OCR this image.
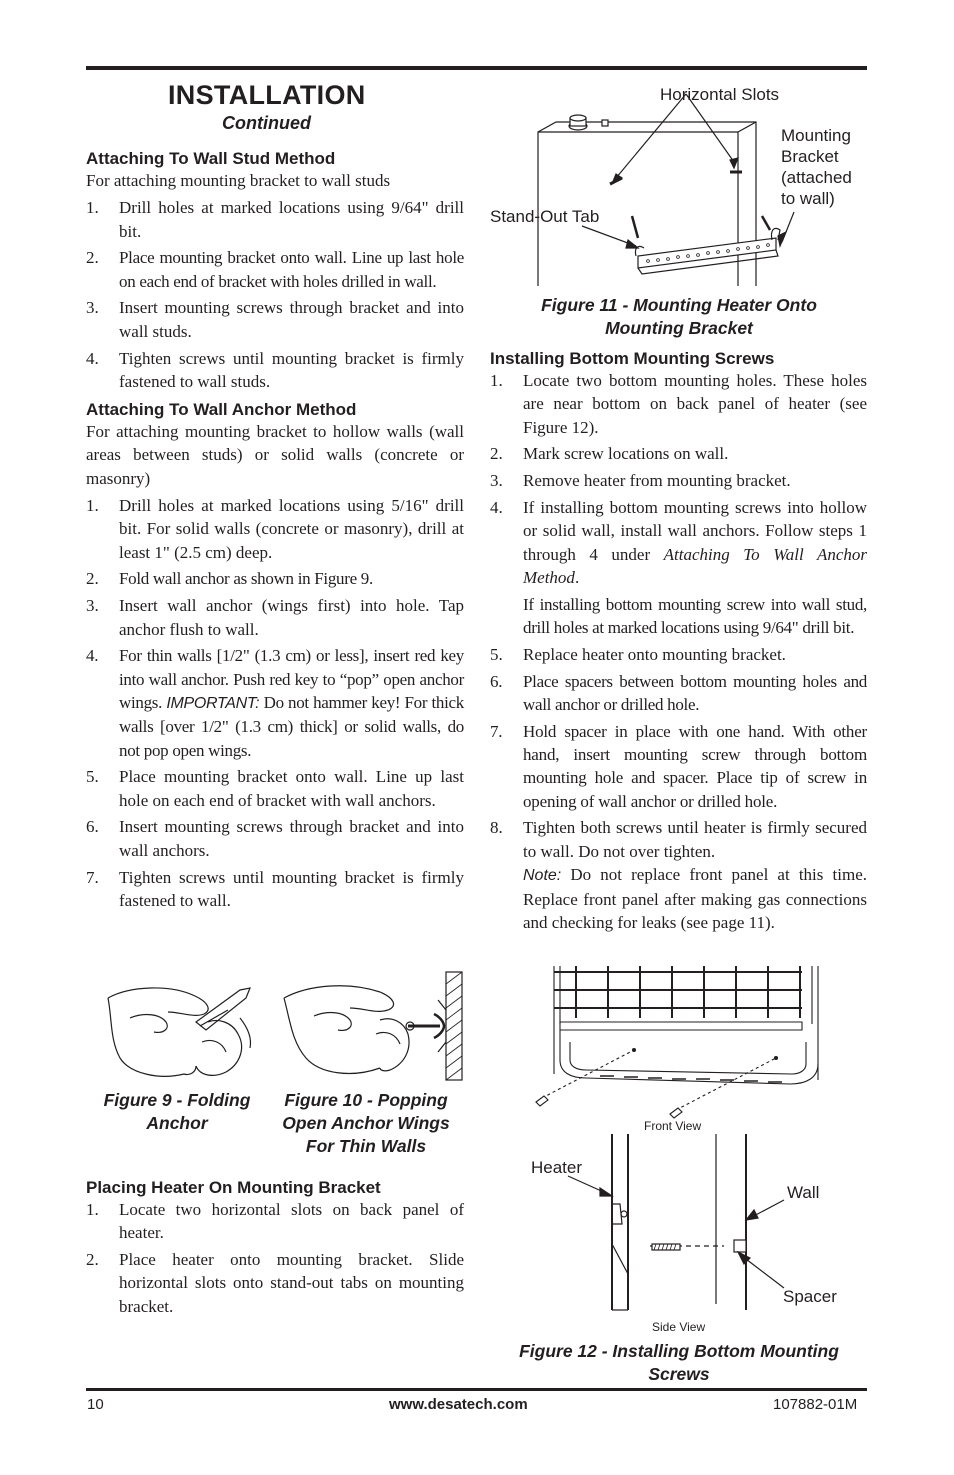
INSTALLATION
Continued
Attaching To Wall Stud Method

For attaching mounting bracket to wall studs

1. Drill holes at marked locations using 9/64" drill bit.
2. Place mounting bracket onto wall. Line up last hole on each end of bracket with holes drilled in wall.
3. Insert mounting screws through bracket and into wall studs.
4. Tighten screws until mounting bracket is firmly fastened to wall studs.
Attaching To Wall Anchor Method

For attaching mounting bracket to hollow walls (wall areas between studs) or solid walls (concrete or masonry)

1. Drill holes at marked locations using 5/16" drill bit. For solid walls (concrete or masonry), drill at least 1" (2.5 cm) deep.
2. Fold wall anchor as shown in Figure 9.
3. Insert wall anchor (wings first) into hole. Tap anchor flush to wall.
4. For thin walls [1/2" (1.3 cm) or less], insert red key into wall anchor. Push red key to “pop” open anchor wings. IMPORTANT: Do not hammer key! For thick walls [over 1/2" (1.3 cm) thick] or solid walls, do not pop open wings.
5. Place mounting bracket onto wall. Line up last hole on each end of bracket with wall anchors.
6. Insert mounting screws through bracket and into wall anchors.
7. Tighten screws until mounting bracket is firmly fastened to wall.
Figure 9 - Folding
Anchor
Figure 10 - Popping
Open Anchor Wings
For Thin Walls
Placing Heater On Mounting Bracket
1. Locate two horizontal slots on back panel of heater.
2. Place heater onto mounting bracket. Slide horizontal slots onto stand-out tabs on mounting bracket.
Horizontal Slots
Mounting
Bracket
(attached
to wall)
Stand-Out Tab
Figure 11 - Mounting Heater Onto
Mounting Bracket
Installing Bottom Mounting Screws
1. Locate two bottom mounting holes. These holes are near bottom on back panel of heater (see Figure 12).
2. Mark screw locations on wall.
3. Remove heater from mounting bracket.
4. If installing bottom mounting screws into hollow or solid wall, install wall anchors. Follow steps 1 through 4 under Attaching To Wall Anchor Method.

If installing bottom mounting screw into wall stud, drill holes at marked locations using 9/64" drill bit.

5. Replace heater onto mounting bracket.
6. Place spacers between bottom mounting holes and wall anchor or drilled hole.
7. Hold spacer in place with one hand. With other hand, insert mounting screw through bottom mounting hole and spacer. Place tip of screw in opening of wall anchor or drilled hole.
8. Tighten both screws until heater is firmly secured to wall. Do not over tighten.

Note: Do not replace front panel at this time. Replace front panel after making gas connections and checking for leaks (see page 11).

Front View
Heater
Wall
Spacer
Side View
Figure 12 - Installing Bottom Mounting
Screws
10	www.desatech.com	107882-01M
